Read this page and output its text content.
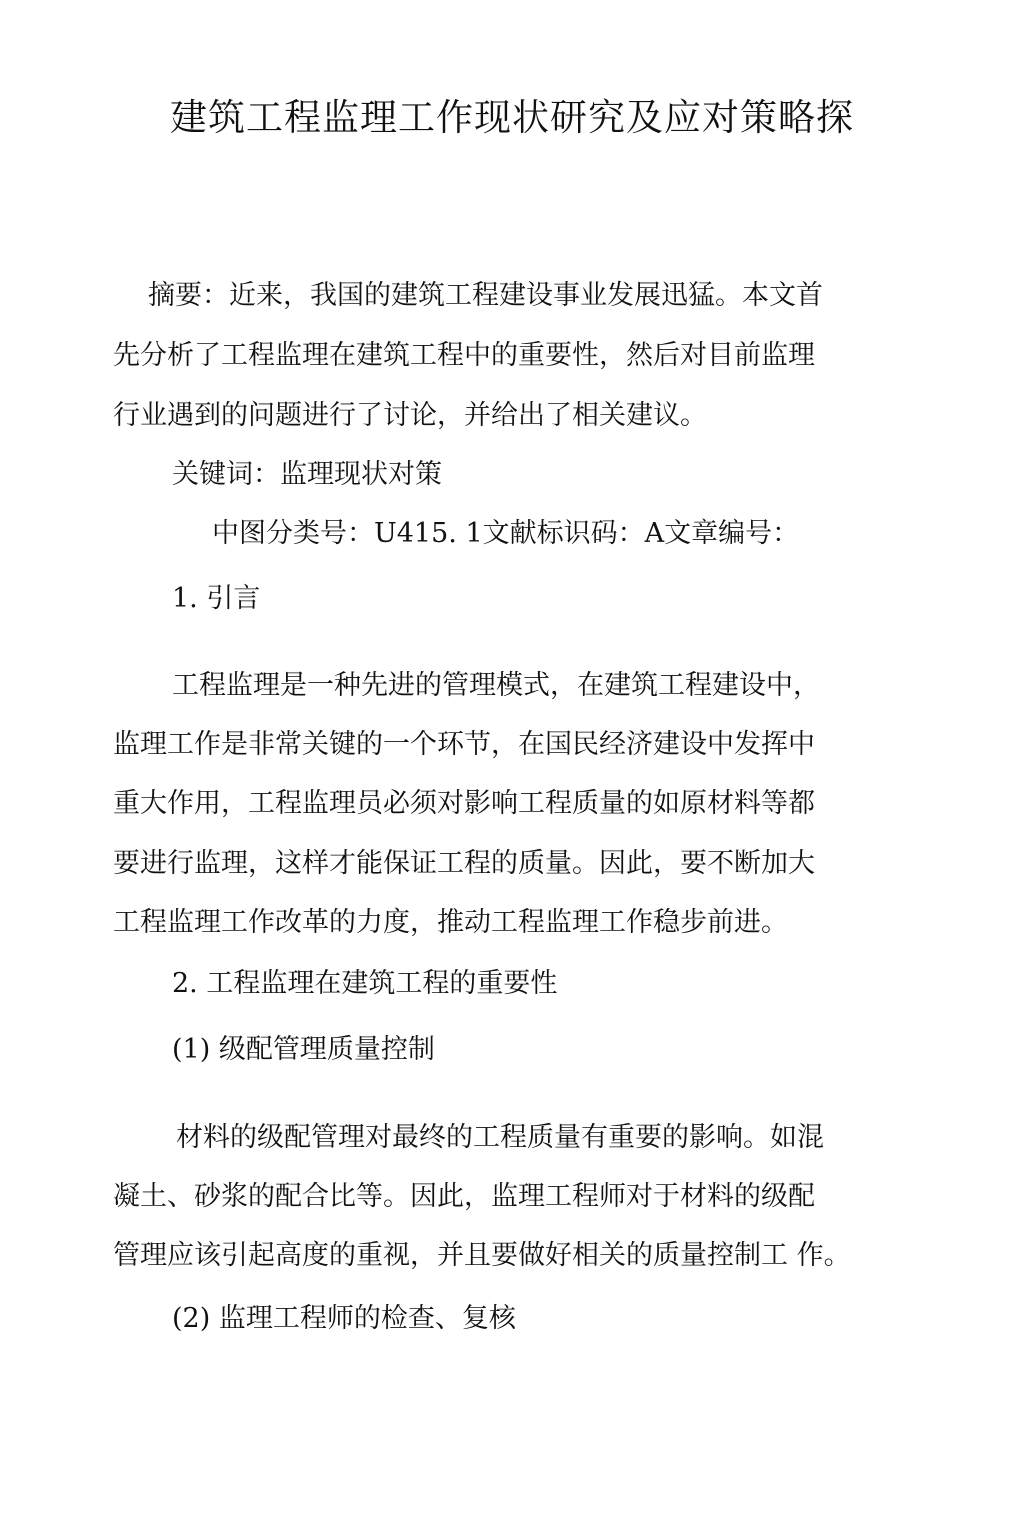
建筑工程监理工作现状研究及应对策略探
摘要：近来，我国的建筑工程建设事业发展迅猛。本文首
先分析了工程监理在建筑工程中的重要性，然后对目前监理
行业遇到的问题进行了讨论，并给出了相关建议。
关键词：监理现状对策
中图分类号：U415. 1文献标识码：A文章编号：
1. 引言
工程监理是一种先进的管理模式，在建筑工程建设中，
监理工作是非常关键的一个环节，在国民经济建设中发挥中
重大作用，工程监理员必须对影响工程质量的如原材料等都
要进行监理，这样才能保证工程的质量。因此，要不断加大
工程监理工作改革的力度，推动工程监理工作稳步前进。
2. 工程监理在建筑工程的重要性
(1) 级配管理质量控制
材料的级配管理对最终的工程质量有重要的影响。如混
凝土、砂浆的配合比等。因此，监理工程师对于材料的级配
管理应该引起高度的重视，并且要做好相关的质量控制工 作。
(2) 监理工程师的检查、复核
